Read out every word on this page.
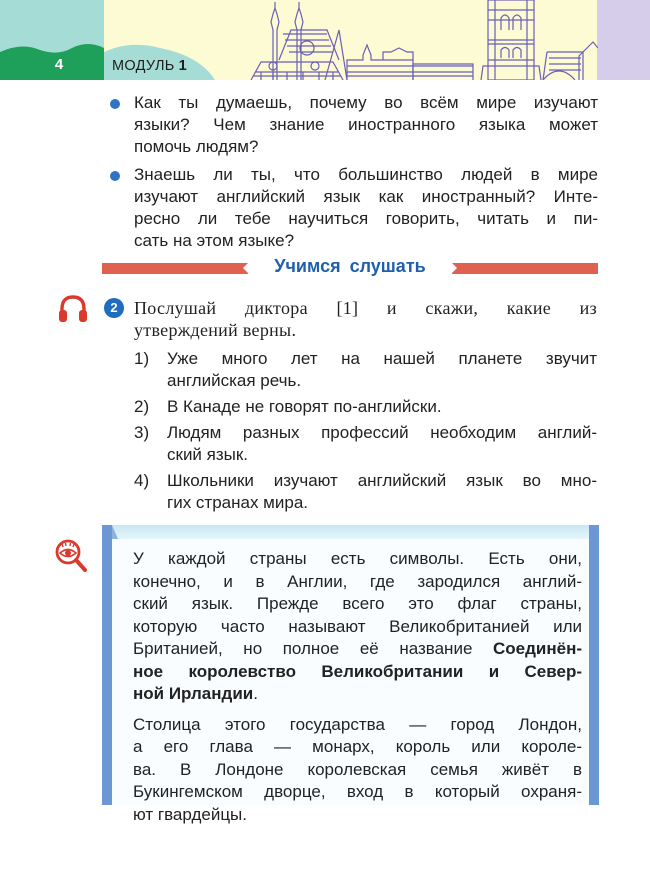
4	МОДУЛЬ 1
Как ты думаешь, почему во всём мире изучают
языки? Чем знание иностранного языка может
помочь людям?
Знаешь ли ты, что большинство людей в мире
изучают английский язык как иностранный? Инте-
ресно ли тебе научиться говорить, читать и пи-
сать на этом языке?
Учимся слушать
2 Послушай диктора [1] и скажи, какие из
утверждений верны.
1) Уже много лет на нашей планете звучит
английская речь.
2) В Канаде не говорят по-английски.
3) Людям разных профессий необходим англий-
ский язык.
4) Школьники изучают английский язык во мно-
гих странах мира.
У каждой страны есть символы. Есть они,
конечно, и в Англии, где зародился англий-
ский язык. Прежде всего это флаг страны,
которую часто называют Великобританией или
Британией, но полное её название Соединён-
ное королевство Великобритании и Север-
ной Ирландии.
Столица этого государства — город Лондон,
а его глава — монарх, король или короле-
ва. В Лондоне королевская семья живёт в
Букингемском дворце, вход в который охраня-
ют гвардейцы.
